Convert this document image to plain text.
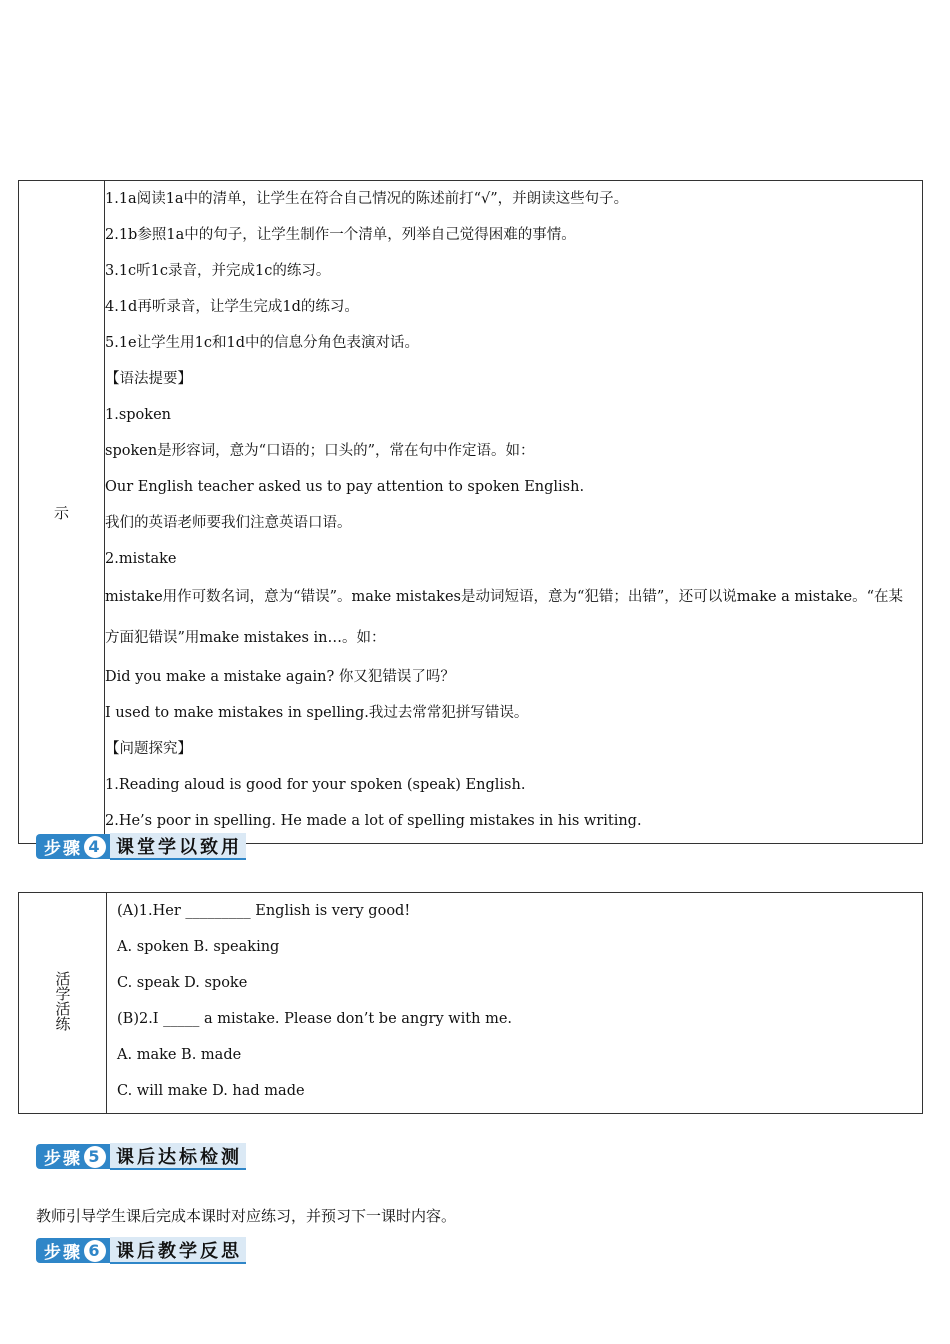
示	
1.1a阅读1a中的清单，让学生在符合自己情况的陈述前打“√”，并朗读这些句子。
2.1b参照1a中的句子，让学生制作一个清单，列举自己觉得困难的事情。
3.1c听1c录音，并完成1c的练习。
4.1d再听录音，让学生完成1d的练习。
5.1e让学生用1c和1d中的信息分角色表演对话。
【语法提要】
1.spoken
spoken是形容词，意为“口语的；口头的”，常在句中作定语。如：
Our English teacher asked us to pay attention to spoken English.
我们的英语老师要我们注意英语口语。
2.mistake
mistake用作可数名词，意为“错误”。make mistakes是动词短语，意为“犯错；出错”，还可以说make a mistake。“在某方面犯错误”用make mistakes in…。如：
Did you make a mistake again? 你又犯错误了吗？
I used to make mistakes in spelling.我过去常常犯拼写错误。
【问题探究】
1.Reading aloud is good for your spoken (speak) English.
2.He’s poor in spelling. He made a lot of spelling mistakes in his writing.
步骤 4 课堂学以致用
活学活练	
(A)1.Her _________ English is very good!
A. spoken B. speaking
C. speak D. spoke
(B)2.I _____ a mistake. Please don’t be angry with me.
A. make B. made
C. will make D. had made
步骤 5 课后达标检测
教师引导学生课后完成本课时对应练习，并预习下一课时内容。
步骤 6 课后教学反思
